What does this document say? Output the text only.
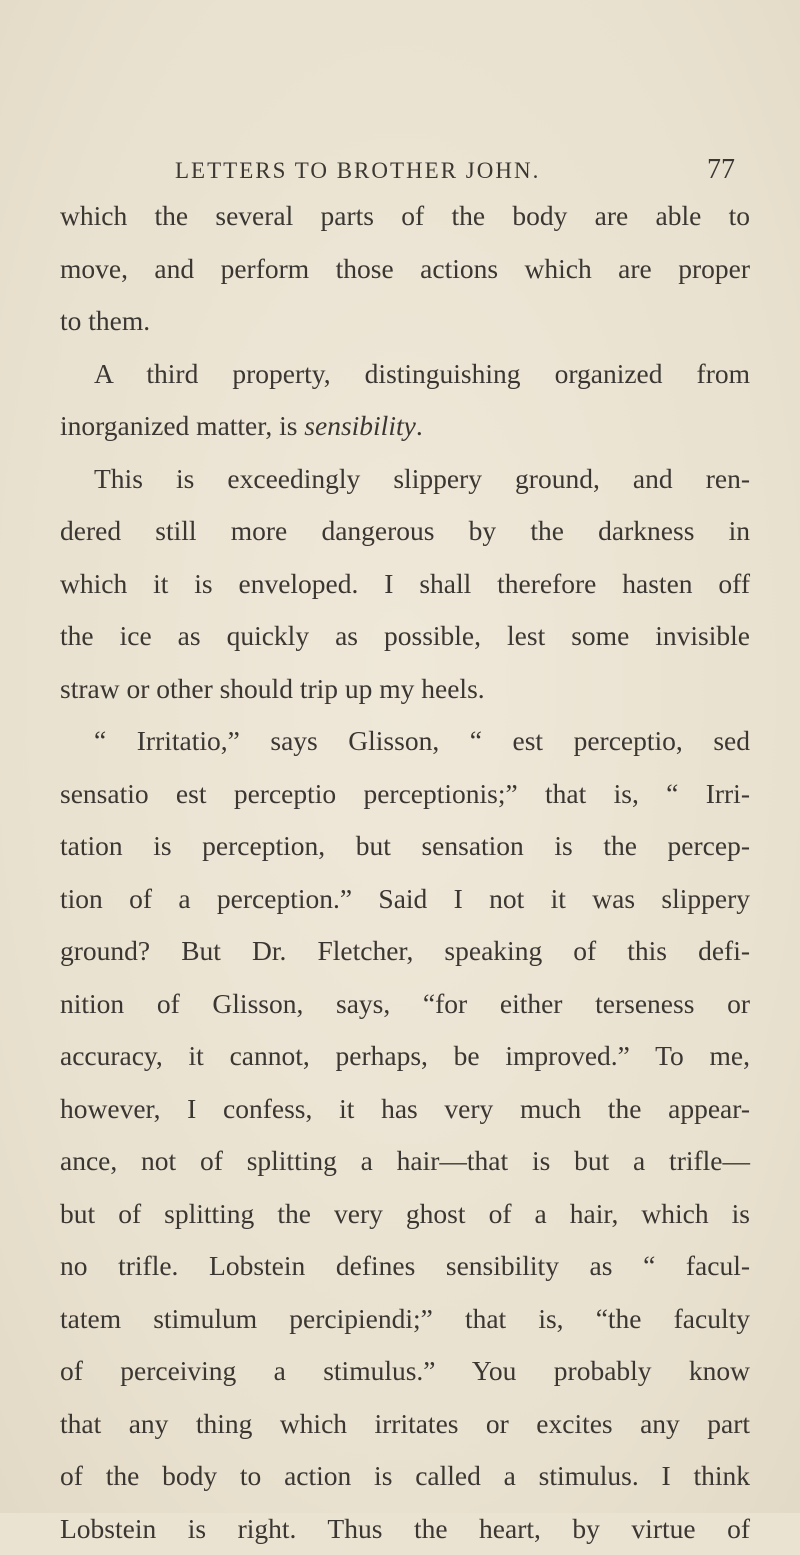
LETTERS TO BROTHER JOHN.	77
which the several parts of the body are able to
move, and perform those actions which are proper
to them.
A third property, distinguishing organized from
inorganized matter, is sensibility.
This is exceedingly slippery ground, and ren-
dered still more dangerous by the darkness in
which it is enveloped. I shall therefore hasten off
the ice as quickly as possible, lest some invisible
straw or other should trip up my heels.
“ Irritatio,” says Glisson, “ est perceptio, sed
sensatio est perceptio perceptionis;” that is, “ Irri-
tation is perception, but sensation is the percep-
tion of a perception.” Said I not it was slippery
ground? But Dr. Fletcher, speaking of this defi-
nition of Glisson, says, “for either terseness or
accuracy, it cannot, perhaps, be improved.” To me,
however, I confess, it has very much the appear-
ance, not of splitting a hair—that is but a trifle—
but of splitting the very ghost of a hair, which is
no trifle. Lobstein defines sensibility as “ facul-
tatem stimulum percipiendi;” that is, “the faculty
of perceiving a stimulus.” You probably know
that any thing which irritates or excites any part
of the body to action is called a stimulus. I think
Lobstein is right. Thus the heart, by virtue of
